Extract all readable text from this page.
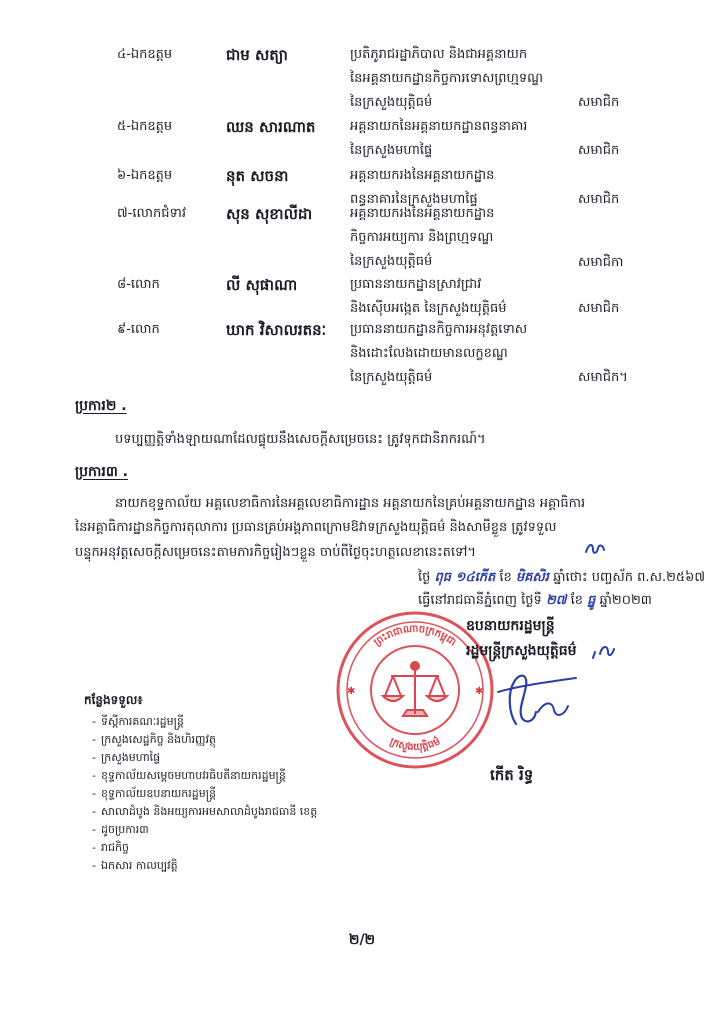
៤-ឯកឧត្តម	ជាម សត្យា	ប្រតិភូរាជរដ្ឋាភិបាល និងជាអគ្គនាយក
នៃអគ្គនាយកដ្ឋានកិច្ចការទោសព្រហ្មទណ្ឌ
នៃក្រសួងយុត្តិធម៌	សមាជិក
៥-ឯកឧត្តម	ឈន សារណាត	អគ្គនាយកនៃអគ្គនាយកដ្ឋានពន្ធនាគារ
នៃក្រសួងមហាផ្ទៃ	សមាជិក
៦-ឯកឧត្តម	នុត សចនា	អគ្គនាយករងនៃអគ្គនាយកដ្ឋាន
ពន្ធនាគារនៃក្រសួងមហាផ្ទៃ	សមាជិក
៧-លោកជំទាវ	សុន សុខាលីដា	អគ្គនាយករងនៃអគ្គនាយកដ្ឋាន
កិច្ចការអយ្យការ និងព្រហ្មទណ្ឌ
នៃក្រសួងយុត្តិធម៌	សមាជិកា
៨-លោក	លី សុផាណា	ប្រធាននាយកដ្ឋានស្រាវជ្រាវ
និងស៊ើបអង្កេត នៃក្រសួងយុត្តិធម៌	សមាជិក
៩-លោក	ឃាក វិសាលរតនៈ	ប្រធាននាយកដ្ឋានកិច្ចការអនុវត្តទោស
និងដោះលែងដោយមានលក្ខខណ្ឌ
នៃក្រសួងយុត្តិធម៌	សមាជិក។
ប្រការ២ .
បទប្បញ្ញត្តិទាំងឡាយណាដែលផ្ទុយនឹងសេចក្តីសម្រេចនេះ ត្រូវទុកជានិរាករណ៍។
ប្រការ៣ .
នាយកខុទ្ទកាល័យ អគ្គលេខាធិការនៃអគ្គលេខាធិការដ្ឋាន អគ្គនាយកនៃគ្រប់អគ្គនាយកដ្ឋាន អគ្គាធិការ
នៃអគ្គាធិការដ្ឋានកិច្ចការតុលាការ ប្រធានគ្រប់អង្គភាពក្រោមឱវាទក្រសួងយុត្តិធម៌ និងសាមីខ្លួន ត្រូវទទួល
បន្ទុកអនុវត្តសេចក្តីសម្រេចនេះតាមភារកិច្ចរៀងៗខ្លួន ចាប់ពីថ្ងៃចុះហត្ថលេខានេះតទៅ។
ថ្ងៃ ពុធ ១៤កើត ខែ មិគសិរ ឆ្នាំថោះ បញ្ចស័ក ព.ស.២៥៦៧
ធ្វើនៅរាជធានីភ្នំពេញ ថ្ងៃទី ២៧ ខែ ធ្នូ ឆ្នាំ២០២៣
ព្រះរាជាណាចក្រកម្ពុជា
ក្រសួងយុត្តិធម៌
✱	✱
ឧបនាយករដ្ឋមន្ត្រី
រដ្ឋមន្ត្រីក្រសួងយុត្តិធម៌
កើត រិទ្ធ
កន្លែងទទួល៖
- ទីស្តីការគណៈរដ្ឋមន្ត្រី
- ក្រសួងសេដ្ឋកិច្ច និងហិរញ្ញវត្ថុ
- ក្រសួងមហាផ្ទៃ
- ខុទ្ទកាល័យសម្តេចមហាបវរធិបតីនាយករដ្ឋមន្ត្រី
- ខុទ្ទកាល័យឧបនាយករដ្ឋមន្ត្រី
- សាលាដំបូង និងអយ្យការអមសាលាដំបូងរាជធានី ខេត្ត
- ដូចប្រការ៣
- រាជកិច្ច
- ឯកសារ កាលប្បវត្តិ
២/២
